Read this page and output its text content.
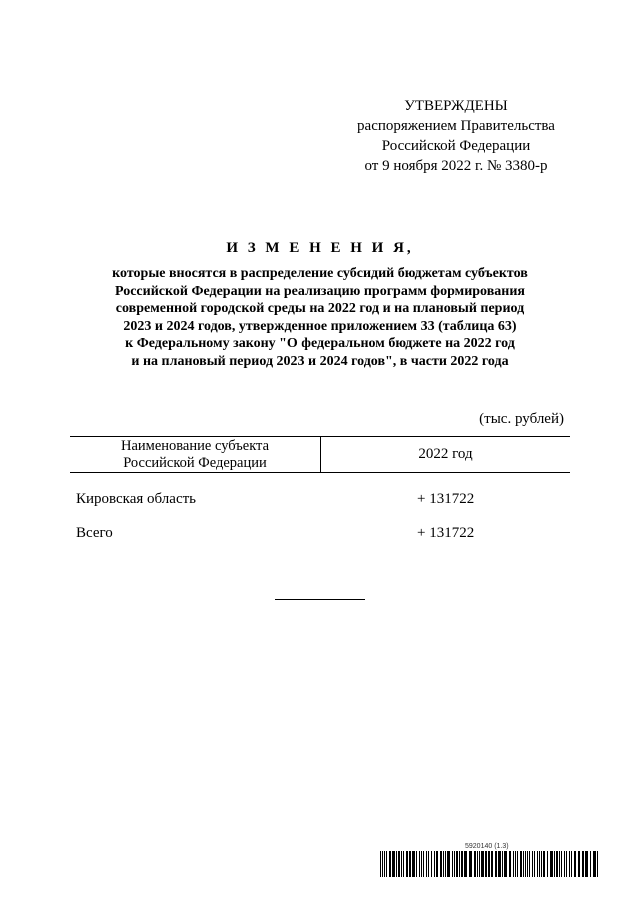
УТВЕРЖДЕНЫ
распоряжением Правительства
Российской Федерации
от 9 ноября 2022 г. № 3380-р
И З М Е Н Е Н И Я,
которые вносятся в распределение субсидий бюджетам субъектов
Российской Федерации на реализацию программ формирования
современной городской среды на 2022 год и на плановый период
2023 и 2024 годов, утвержденное приложением 33 (таблица 63)
к Федеральному закону "О федеральном бюджете на 2022 год
и на плановый период 2023 и 2024 годов", в части 2022 года
(тыс. рублей)
Наименование субъекта
Российской Федерации
2022 год
Кировская область	+ 131722
Всего	+ 131722
5920140 (1.3)
